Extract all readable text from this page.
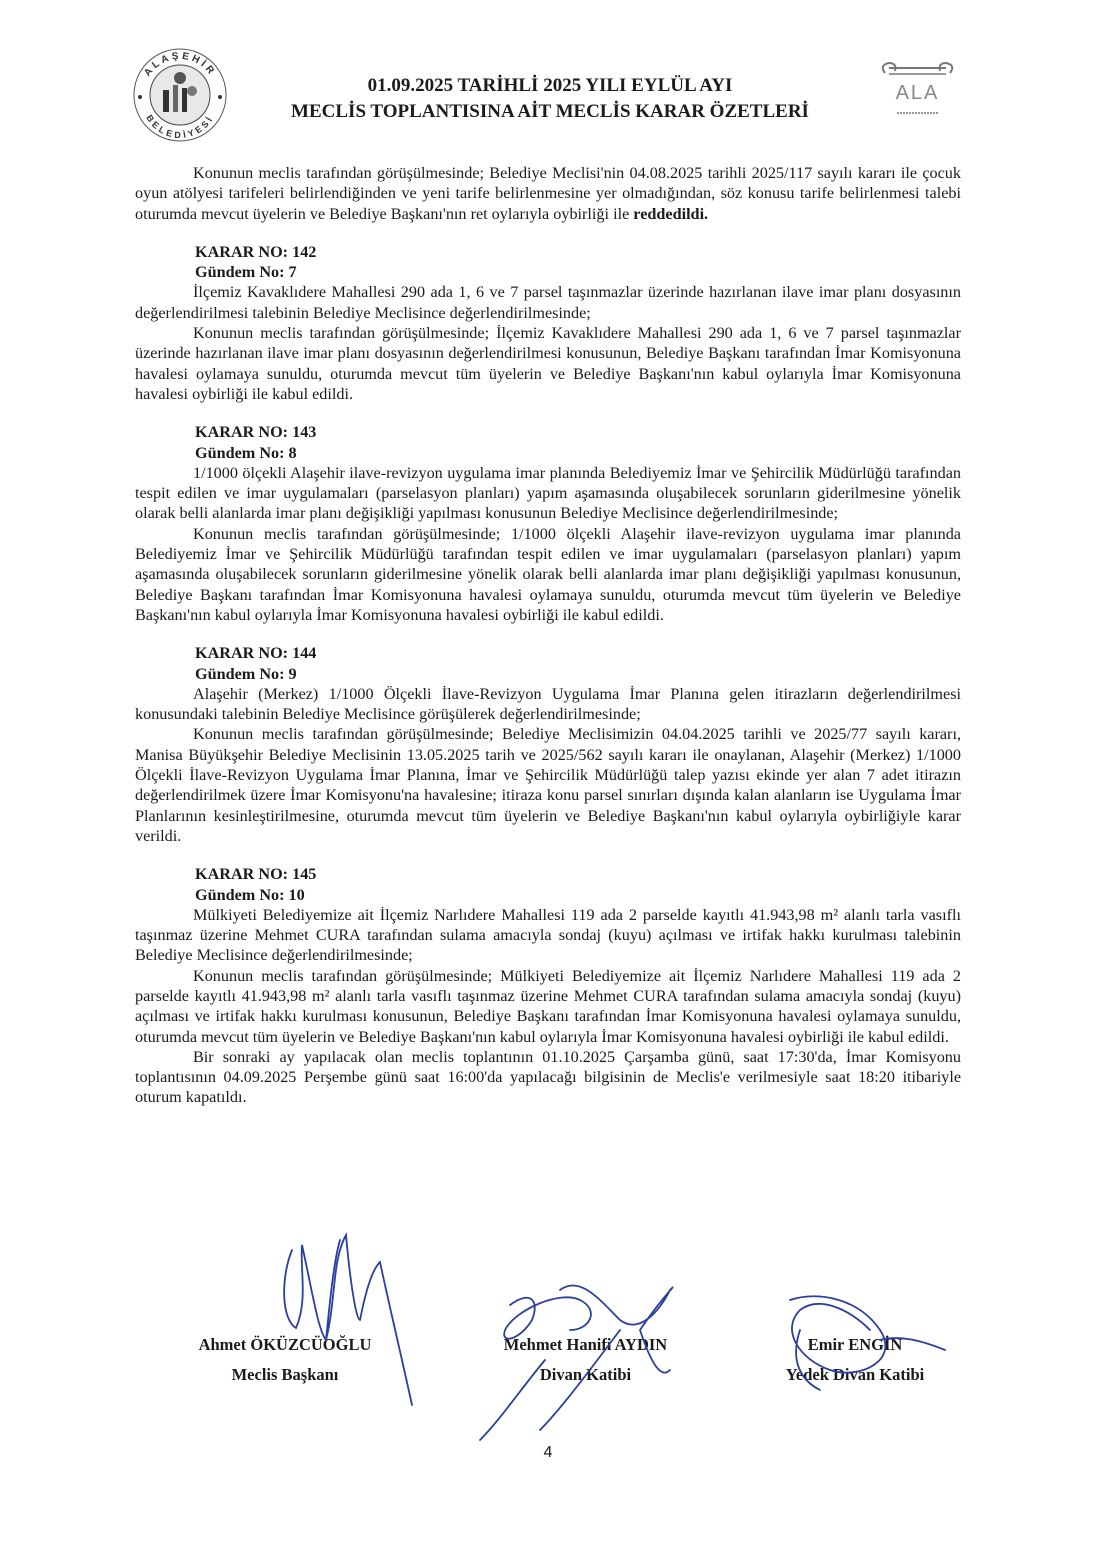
ALAŞEHİR
BELEDİYESİ
01.09.2025 TARİHLİ 2025 YILI EYLÜL AYI
MECLİS TOPLANTISINA AİT MECLİS KARAR ÖZETLERİ
ALA

Konunun meclis tarafından görüşülmesinde; Belediye Meclisi'nin 04.08.2025 tarihli 2025/117 sayılı kararı ile çocuk oyun atölyesi tarifeleri belirlendiğinden ve yeni tarife belirlenmesine yer olmadığından, söz konusu tarife belirlenmesi talebi oturumda mevcut üyelerin ve Belediye Başkanı'nın ret oylarıyla oybirliği ile reddedildi.

KARAR NO: 142
Gündem No: 7

İlçemiz Kavaklıdere Mahallesi 290 ada 1, 6 ve 7 parsel taşınmazlar üzerinde hazırlanan ilave imar planı dosyasının değerlendirilmesi talebinin Belediye Meclisince değerlendirilmesinde;

Konunun meclis tarafından görüşülmesinde; İlçemiz Kavaklıdere Mahallesi 290 ada 1, 6 ve 7 parsel taşınmazlar üzerinde hazırlanan ilave imar planı dosyasının değerlendirilmesi konusunun, Belediye Başkanı tarafından İmar Komisyonuna havalesi oylamaya sunuldu, oturumda mevcut tüm üyelerin ve Belediye Başkanı'nın kabul oylarıyla İmar Komisyonuna havalesi oybirliği ile kabul edildi.

KARAR NO: 143
Gündem No: 8

1/1000 ölçekli Alaşehir ilave-revizyon uygulama imar planında Belediyemiz İmar ve Şehircilik Müdürlüğü tarafından tespit edilen ve imar uygulamaları (parselasyon planları) yapım aşamasında oluşabilecek sorunların giderilmesine yönelik olarak belli alanlarda imar planı değişikliği yapılması konusunun Belediye Meclisince değerlendirilmesinde;

Konunun meclis tarafından görüşülmesinde; 1/1000 ölçekli Alaşehir ilave-revizyon uygulama imar planında Belediyemiz İmar ve Şehircilik Müdürlüğü tarafından tespit edilen ve imar uygulamaları (parselasyon planları) yapım aşamasında oluşabilecek sorunların giderilmesine yönelik olarak belli alanlarda imar planı değişikliği yapılması konusunun, Belediye Başkanı tarafından İmar Komisyonuna havalesi oylamaya sunuldu, oturumda mevcut tüm üyelerin ve Belediye Başkanı'nın kabul oylarıyla İmar Komisyonuna havalesi oybirliği ile kabul edildi.

KARAR NO: 144
Gündem No: 9

Alaşehir (Merkez) 1/1000 Ölçekli İlave-Revizyon Uygulama İmar Planına gelen itirazların değerlendirilmesi konusundaki talebinin Belediye Meclisince görüşülerek değerlendirilmesinde;

Konunun meclis tarafından görüşülmesinde; Belediye Meclisimizin 04.04.2025 tarihli ve 2025/77 sayılı kararı, Manisa Büyükşehir Belediye Meclisinin 13.05.2025 tarih ve 2025/562 sayılı kararı ile onaylanan, Alaşehir (Merkez) 1/1000 Ölçekli İlave-Revizyon Uygulama İmar Planına, İmar ve Şehircilik Müdürlüğü talep yazısı ekinde yer alan 7 adet itirazın değerlendirilmek üzere İmar Komisyonu'na havalesine; itiraza konu parsel sınırları dışında kalan alanların ise Uygulama İmar Planlarının kesinleştirilmesine, oturumda mevcut tüm üyelerin ve Belediye Başkanı'nın kabul oylarıyla oybirliğiyle karar verildi.

KARAR NO: 145
Gündem No: 10

Mülkiyeti Belediyemize ait İlçemiz Narlıdere Mahallesi 119 ada 2 parselde kayıtlı 41.943,98 m² alanlı tarla vasıflı taşınmaz üzerine Mehmet CURA tarafından sulama amacıyla sondaj (kuyu) açılması ve irtifak hakkı kurulması talebinin Belediye Meclisince değerlendirilmesinde;

Konunun meclis tarafından görüşülmesinde; Mülkiyeti Belediyemize ait İlçemiz Narlıdere Mahallesi 119 ada 2 parselde kayıtlı 41.943,98 m² alanlı tarla vasıflı taşınmaz üzerine Mehmet CURA tarafından sulama amacıyla sondaj (kuyu) açılması ve irtifak hakkı kurulması konusunun, Belediye Başkanı tarafından İmar Komisyonuna havalesi oylamaya sunuldu, oturumda mevcut tüm üyelerin ve Belediye Başkanı'nın kabul oylarıyla İmar Komisyonuna havalesi oybirliği ile kabul edildi.

Bir sonraki ay yapılacak olan meclis toplantının 01.10.2025 Çarşamba günü, saat 17:30'da, İmar Komisyonu toplantısının 04.09.2025 Perşembe günü saat 16:00'da yapılacağı bilgisinin de Meclis'e verilmesiyle saat 18:20 itibariyle oturum kapatıldı.

Ahmet ÖKÜZCÜOĞLU
Meclis Başkanı
Mehmet Hanifi AYDIN
Divan Katibi
Emir ENGİN
Yedek Divan Katibi
4
